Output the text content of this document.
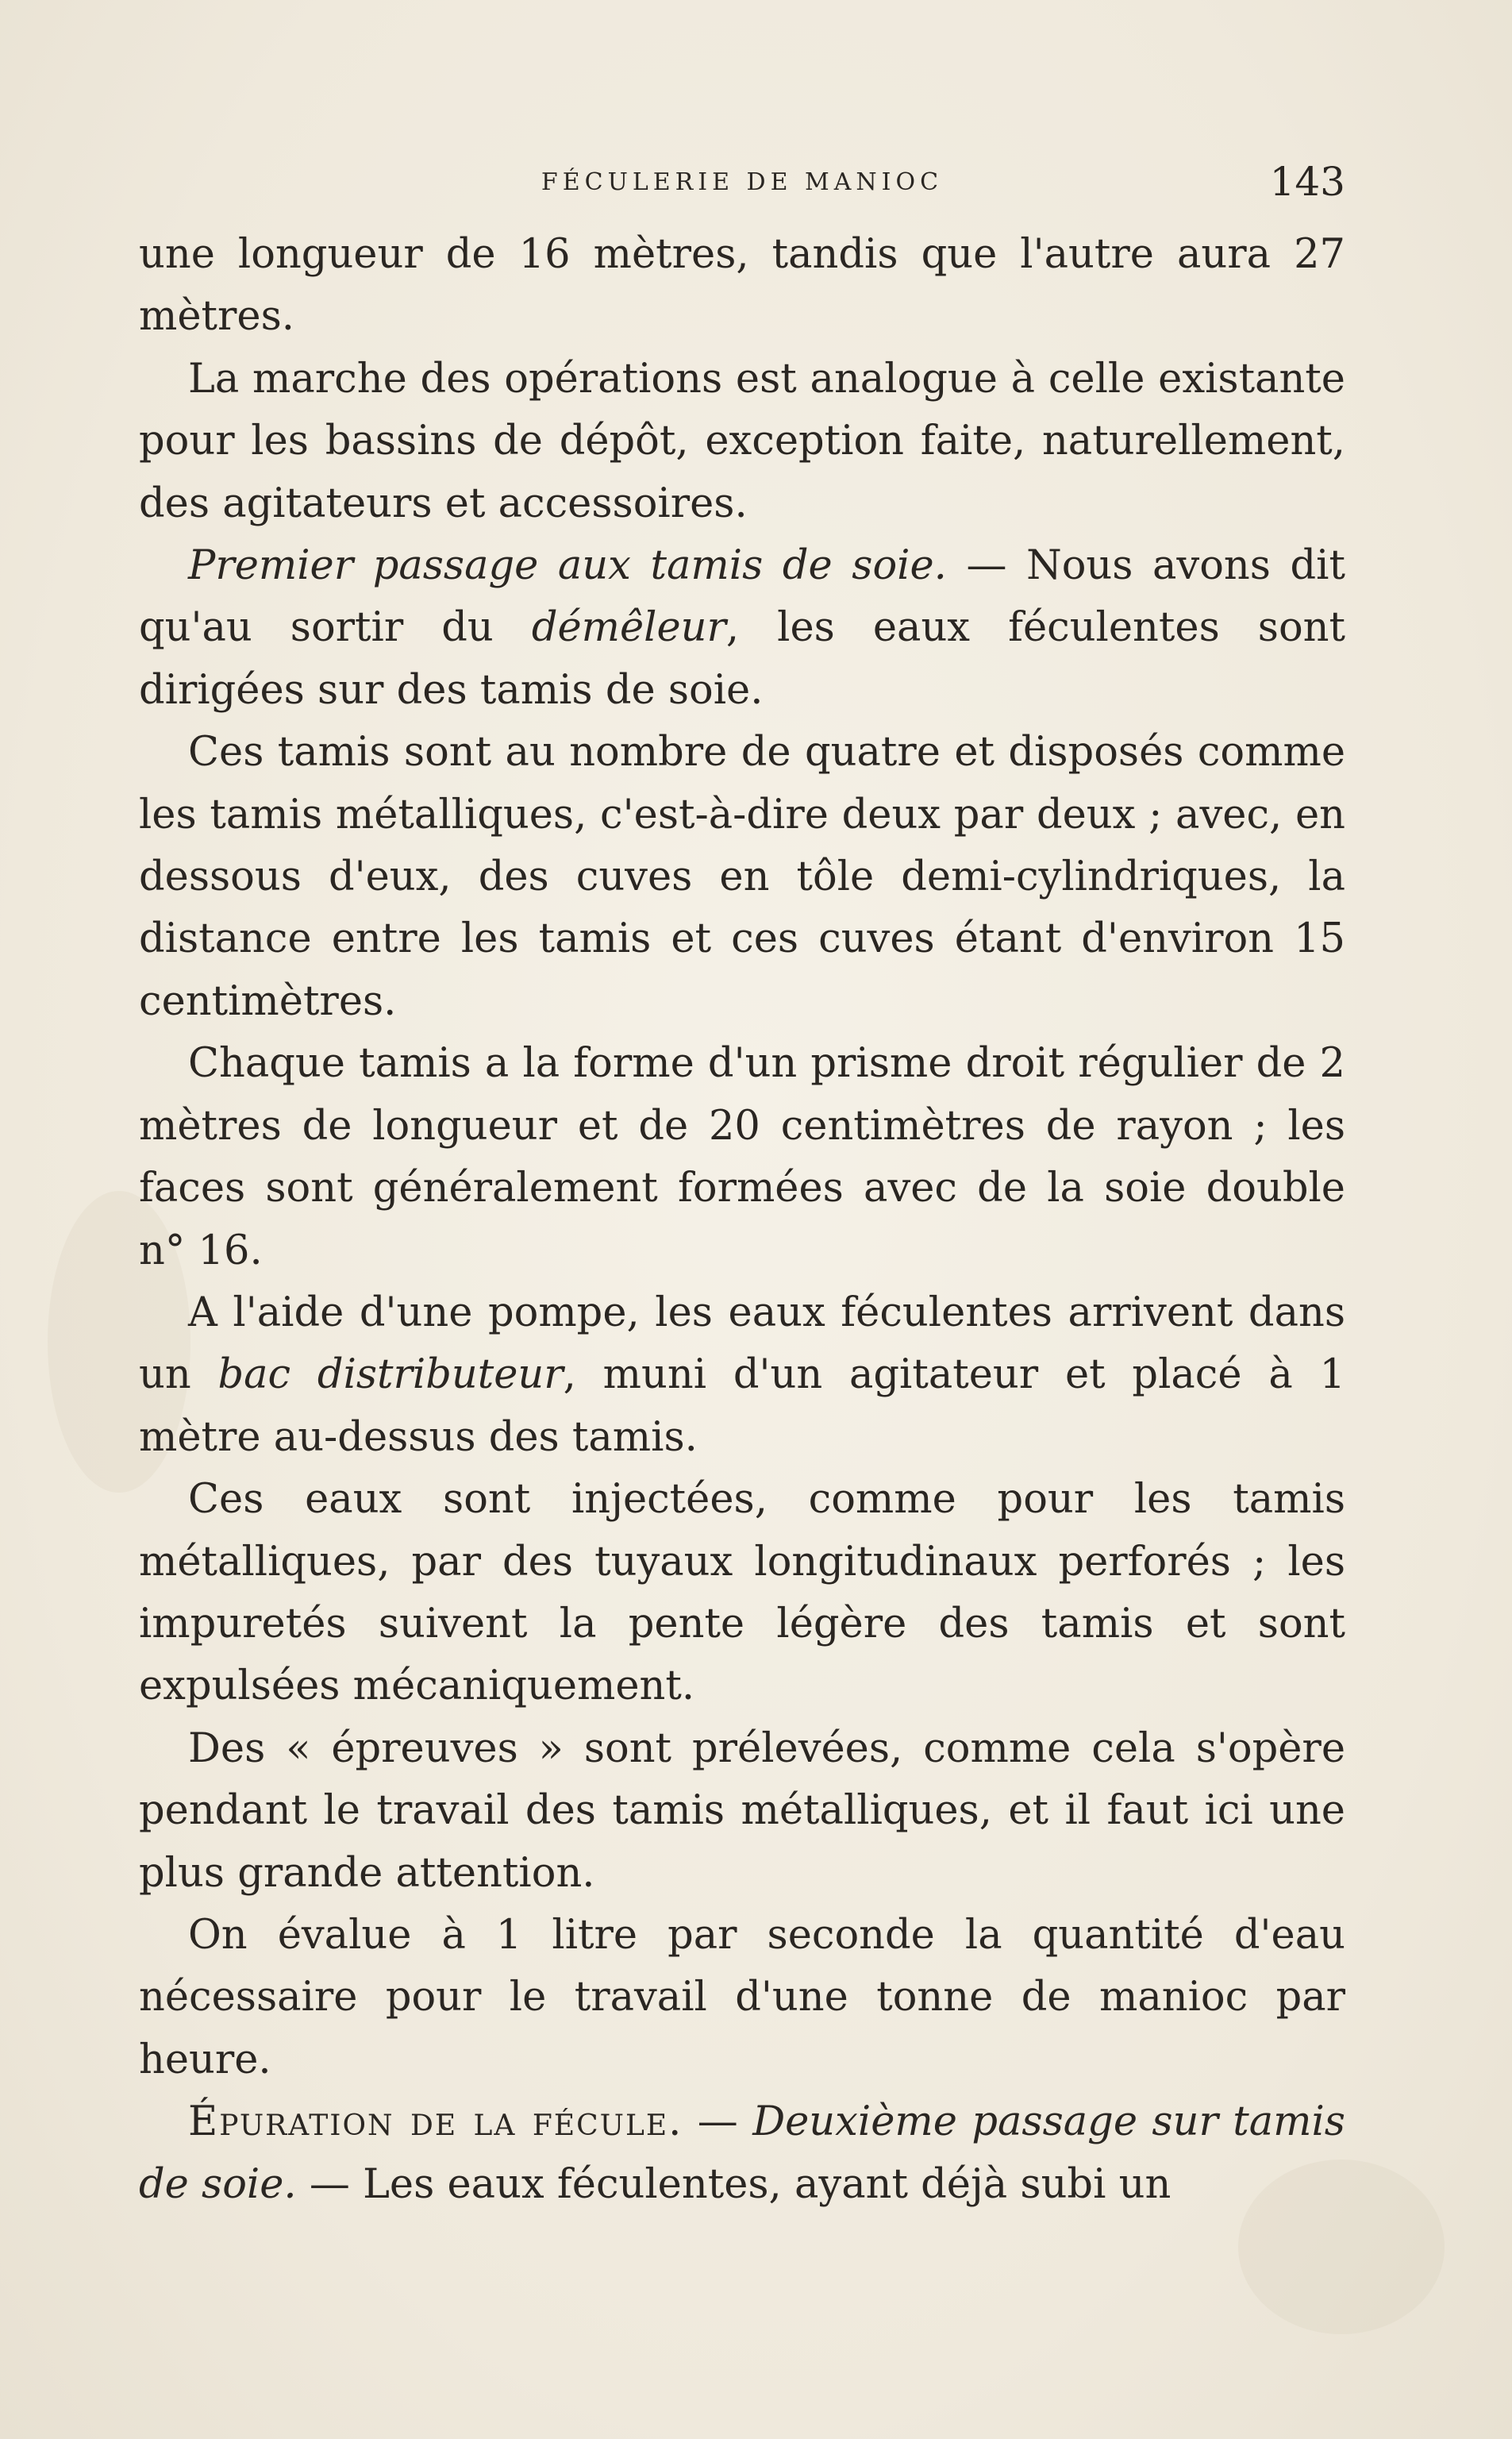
FÉCULERIE DE MANIOC	143

une longueur de 16 mètres, tandis que l'autre aura 27 mètres.

La marche des opérations est analogue à celle existante pour les bassins de dépôt, exception faite, naturellement, des agitateurs et accessoires.

Premier passage aux tamis de soie. — Nous avons dit qu'au sortir du démêleur, les eaux féculentes sont dirigées sur des tamis de soie.

Ces tamis sont au nombre de quatre et disposés comme les tamis métalliques, c'est-à-dire deux par deux ; avec, en dessous d'eux, des cuves en tôle demi-cylindriques, la distance entre les tamis et ces cuves étant d'environ 15 centimètres.

Chaque tamis a la forme d'un prisme droit régulier de 2 mètres de longueur et de 20 centimètres de rayon ; les faces sont généralement formées avec de la soie double n° 16.

A l'aide d'une pompe, les eaux féculentes arrivent dans un bac distributeur, muni d'un agitateur et placé à 1 mètre au-dessus des tamis.

Ces eaux sont injectées, comme pour les tamis métalliques, par des tuyaux longitudinaux perforés ; les impuretés suivent la pente légère des tamis et sont expulsées mécaniquement.

Des « épreuves » sont prélevées, comme cela s'opère pendant le travail des tamis métalliques, et il faut ici une plus grande attention.

On évalue à 1 litre par seconde la quantité d'eau nécessaire pour le travail d'une tonne de manioc par heure.

Épuration de la fécule. — Deuxième passage sur tamis de soie. — Les eaux féculentes, ayant déjà subi un
